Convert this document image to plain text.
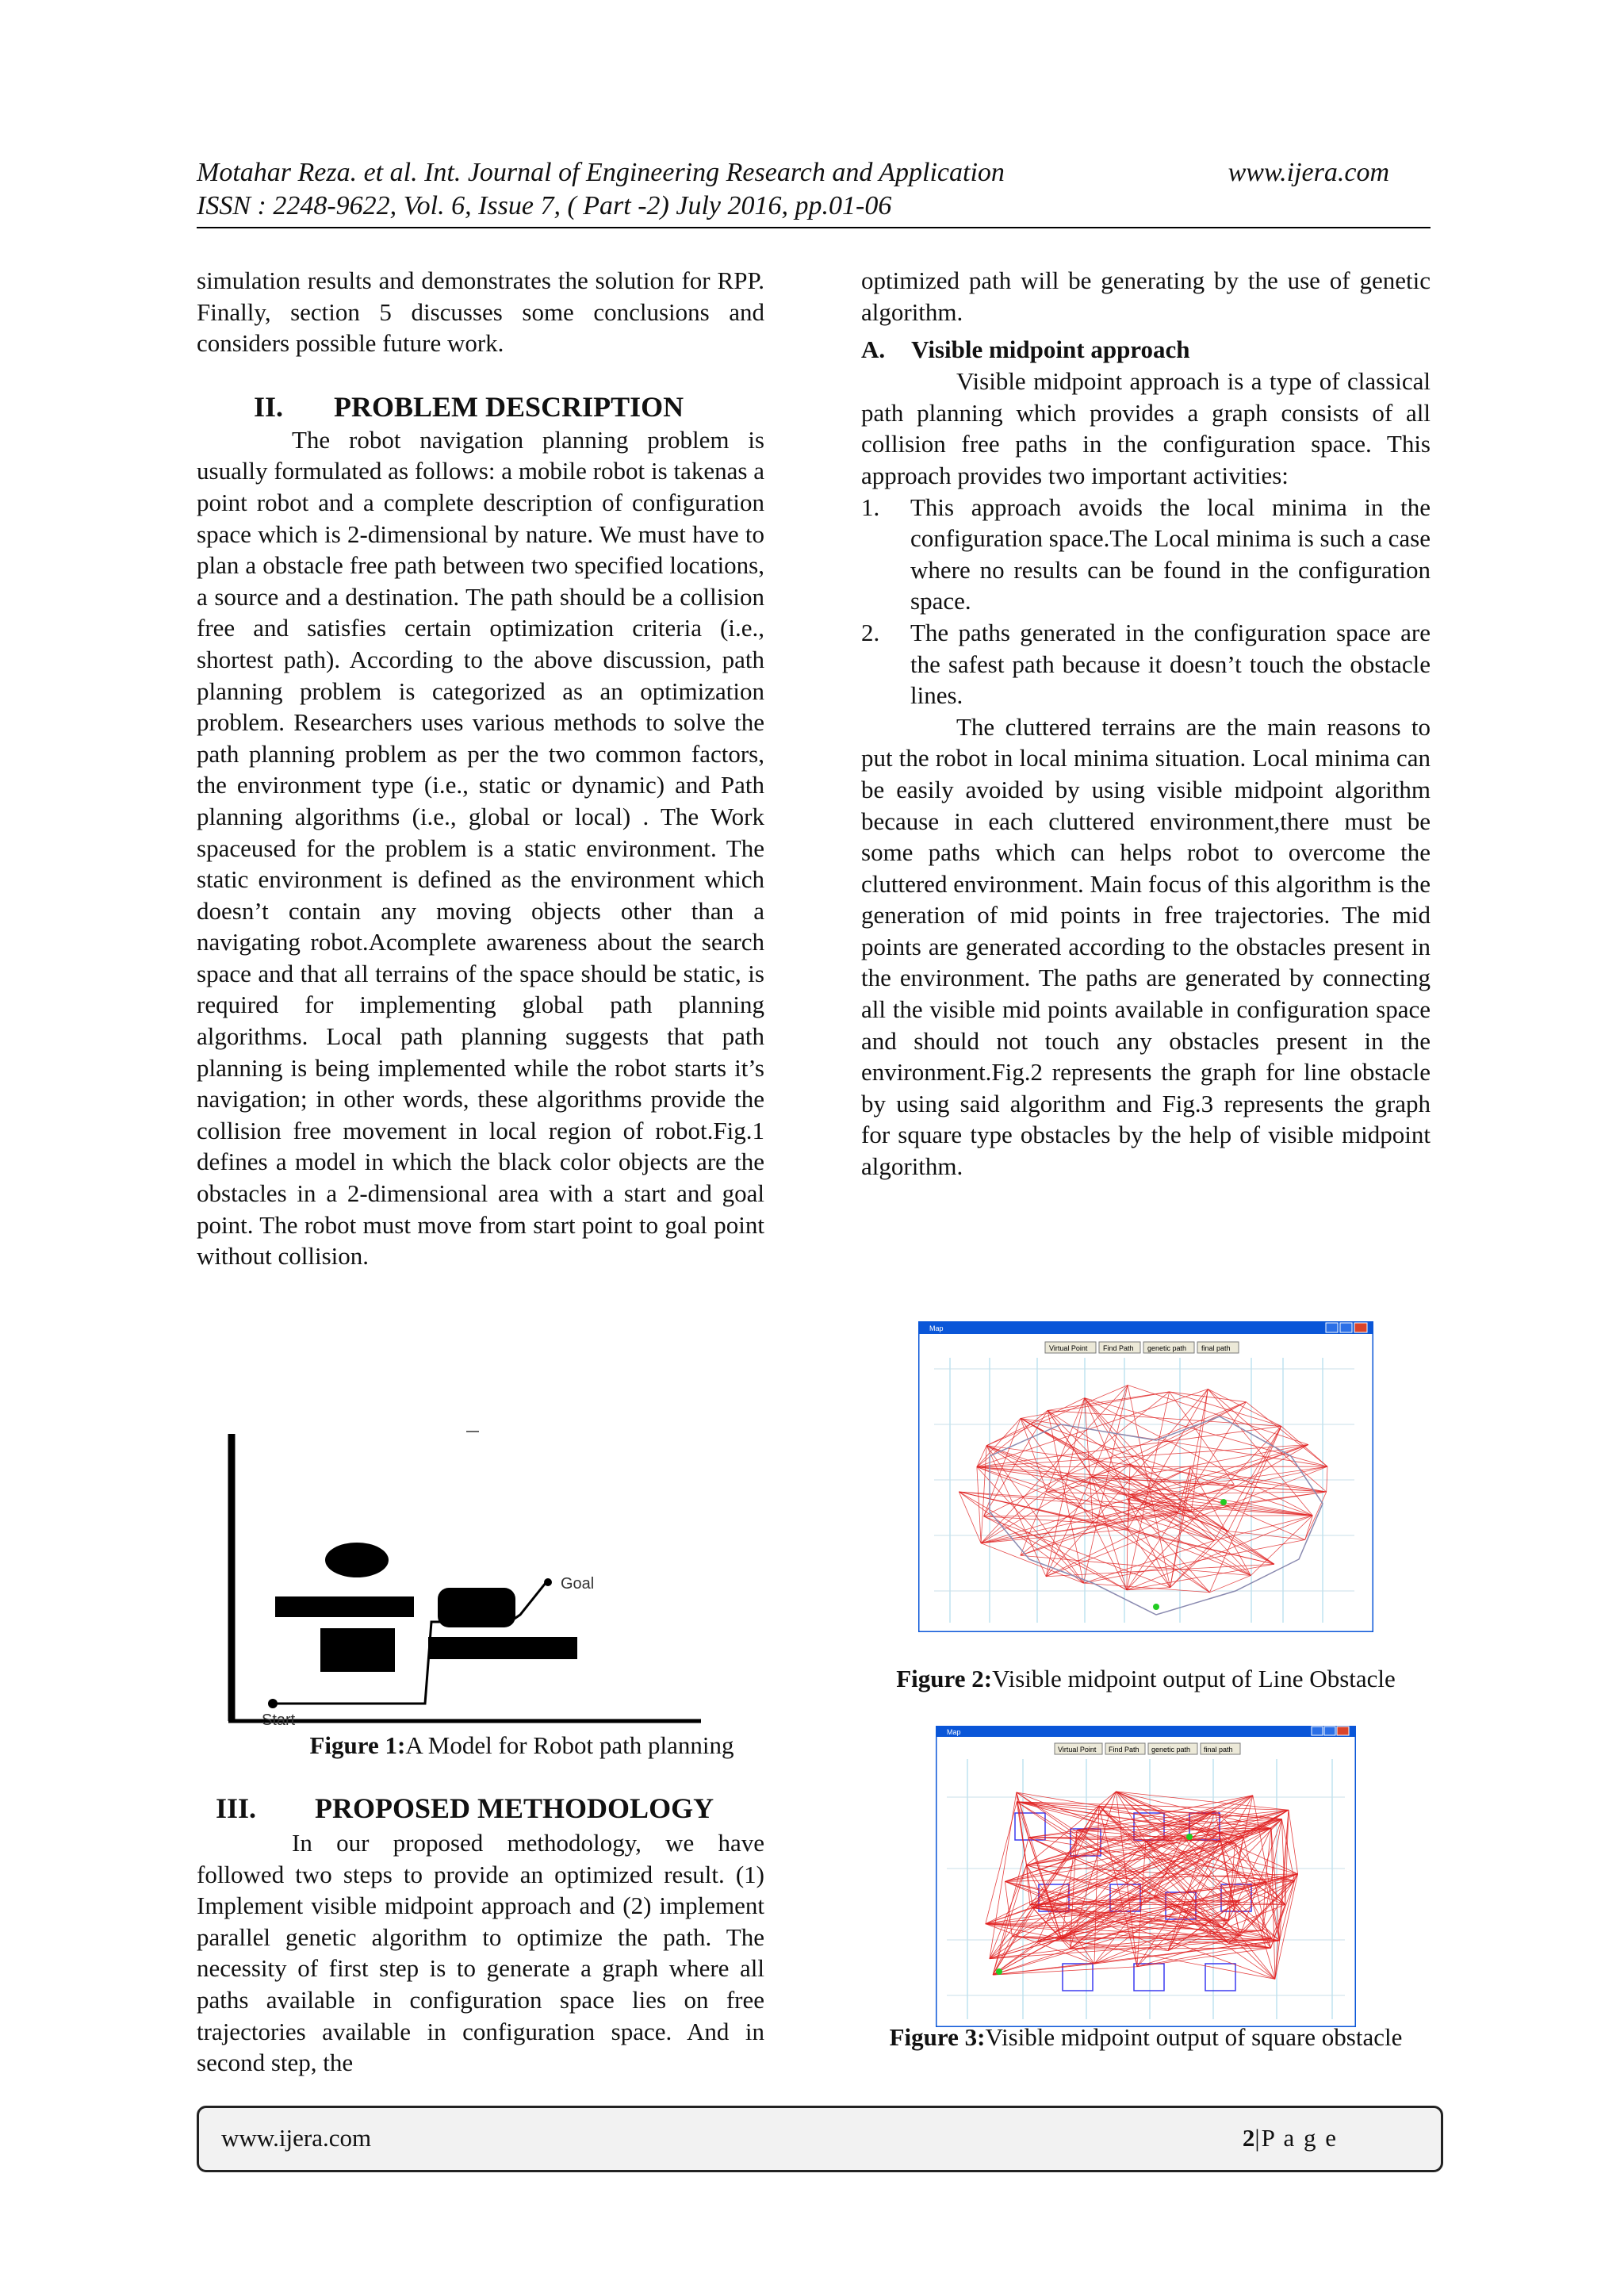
Motahar Reza. et al. Int. Journal of Engineering Research and Application	www.ijera.com
ISSN : 2248-9622, Vol. 6, Issue 7, ( Part -2) July 2016, pp.01-06

simulation results and demonstrates the solution for RPP. Finally, section 5 discusses some conclusions and considers possible future work.

II. PROBLEM DESCRIPTION

The robot navigation planning problem is usually formulated as follows: a mobile robot is takenas a point robot and a complete description of configuration space which is 2-dimensional by nature. We must have to plan a obstacle free path between two specified locations, a source and a destination. The path should be a collision free and satisfies certain optimization criteria (i.e., shortest path). According to the above discussion, path planning problem is categorized as an optimization problem. Researchers uses various methods to solve the path planning problem as per the two common factors, the environment type (i.e., static or dynamic) and Path planning algorithms (i.e., global or local) . The Work spaceused for the problem is a static environment. The static environment is defined as the environment which doesn’t contain any moving objects other than a navigating robot.Acomplete awareness about the search space and that all terrains of the space should be static, is required for implementing global path planning algorithms. Local path planning suggests that path planning is being implemented while the robot starts it’s navigation; in other words, these algorithms provide the collision free movement in local region of robot.Fig.1 defines a model in which the black color objects are the obstacles in a 2-dimensional area with a start and goal point. The robot must move from start point to goal point without collision.

Goal
Start
Figure 1:A Model for Robot path planning

III. PROPOSED METHODOLOGY

In our proposed methodology, we have followed two steps to provide an optimized result. (1) Implement visible midpoint approach and (2) implement parallel genetic algorithm to optimize the path. The necessity of first step is to generate a graph where all paths available in configuration space lies on free trajectories available in configuration space. And in second step, the

optimized path will be generating by the use of genetic algorithm.

A. Visible midpoint approach

Visible midpoint approach is a type of classical path planning which provides a graph consists of all collision free paths in the configuration space. This approach provides two important activities:

1. This approach avoids the local minima in the configuration space.The Local minima is such a case where no results can be found in the configuration space.
2. The paths generated in the configuration space are the safest path because it doesn’t touch the obstacle lines.

The cluttered terrains are the main reasons to put the robot in local minima situation. Local minima can be easily avoided by using visible midpoint algorithm because in each cluttered environment,there must be some paths which can helps robot to overcome the cluttered environment. Main focus of this algorithm is the generation of mid points in free trajectories. The mid points are generated according to the obstacles present in the environment. The paths are generated by connecting all the visible mid points available in configuration space and should not touch any obstacles present in the environment.Fig.2 represents the graph for line obstacle by using said algorithm and Fig.3 represents the graph for square type obstacles by the help of visible midpoint algorithm.

Map
Virtual Point Find Path genetic path final path
Figure 2:Visible midpoint output of Line Obstacle
Map
Virtual Point Find Path genetic path final path
Figure 3:Visible midpoint output of square obstacle
www.ijera.com	2|P a g e
